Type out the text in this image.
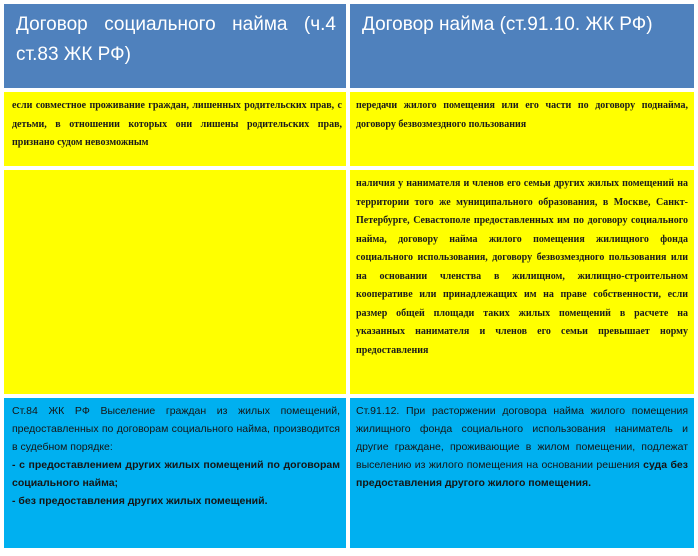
Договор социального найма (ч.4 ст.83 ЖК РФ)
Договор найма (ст.91.10. ЖК РФ)
если совместное проживание граждан, лишенных родительских прав, с детьми, в отношении которых они лишены родительских прав, признано судом невозможным
передачи жилого помещения или его части по договору поднайма, договору безвозмездного пользования
наличия у нанимателя и членов его семьи других жилых помещений на территории того же муниципального образования, в Москве, Санкт-Петербурге, Севастополе предоставленных им по договору социального найма, договору найма жилого помещения жилищного фонда социального использования, договору безвозмездного пользования или на основании членства в жилищном, жилищно-строительном кооперативе или принадлежащих им на праве собственности, если размер общей площади таких жилых помещений в расчете на указанных нанимателя и членов его семьи превышает норму предоставления
Ст.84 ЖК РФ Выселение граждан из жилых помещений, предоставленных по договорам социального найма, производится в судебном порядке:
- с предоставлением других жилых помещений по договорам социального найма;
- без предоставления других жилых помещений.
Ст.91.12. При расторжении договора найма жилого помещения жилищного фонда социального использования наниматель и другие граждане, проживающие в жилом помещении, подлежат выселению из жилого помещения на основании решения суда без предоставления другого жилого помещения.
